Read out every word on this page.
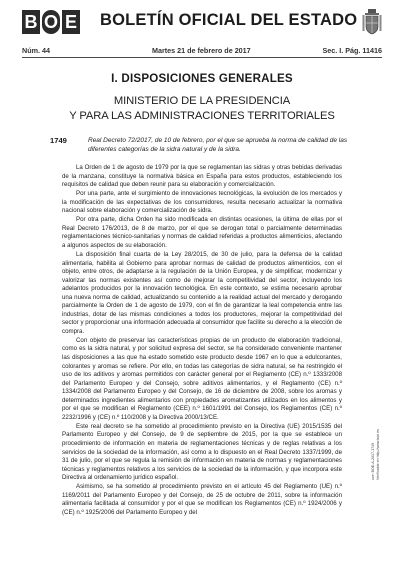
B O E BOLETÍN OFICIAL DEL ESTADO
Núm. 44	Martes 21 de febrero de 2017	Sec. I. Pág. 11416
I. DISPOSICIONES GENERALES
MINISTERIO DE LA PRESIDENCIA
Y PARA LAS ADMINISTRACIONES TERRITORIALES
1749	Real Decreto 72/2017, de 10 de febrero, por el que se aprueba la norma de calidad de las diferentes categorías de la sidra natural y de la sidra.

La Orden de 1 de agosto de 1979 por la que se reglamentan las sidras y otras bebidas derivadas de la manzana, constituye la normativa básica en España para estos productos, estableciendo los requisitos de calidad que deben reunir para su elaboración y comercialización.

Por una parte, ante el surgimiento de innovaciones tecnológicas, la evolución de los mercados y la modificación de las expectativas de los consumidores, resulta necesario actualizar la normativa nacional sobre elaboración y comercialización de sidra.

Por otra parte, dicha Orden ha sido modificada en distintas ocasiones, la última de ellas por el Real Decreto 176/2013, de 8 de marzo, por el que se derogan total o parcialmente determinadas reglamentaciones técnico-sanitarias y normas de calidad referidas a productos alimenticios, afectando a algunos aspectos de su elaboración.

La disposición final cuarta de la Ley 28/2015, de 30 de julio, para la defensa de la calidad alimentaria, habilita al Gobierno para aprobar normas de calidad de productos alimenticios, con el objeto, entre otros, de adaptarse a la regulación de la Unión Europea, y de simplificar, modernizar y valorizar las normas existentes así como de mejorar la competitividad del sector, incluyendo los adelantos producidos por la innovación tecnológica. En este contexto, se estima necesario aprobar una nueva norma de calidad, actualizando su contenido a la realidad actual del mercado y derogando parcialmente la Orden de 1 de agosto de 1979, con el fin de garantizar la leal competencia entre las industrias, dotar de las mismas condiciones a todos los productores, mejorar la competitividad del sector y proporcionar una información adecuada al consumidor que facilite su derecho a la elección de compra.

Con objeto de preservar las características propias de un producto de elaboración tradicional, como es la sidra natural, y por solicitud expresa del sector, se ha considerado conveniente mantener las disposiciones a las que ha estado sometido este producto desde 1967 en lo que a edulcorantes, colorantes y aromas se refiere. Por ello, en todas las categorías de sidra natural, se ha restringido el uso de los aditivos y aromas permitidos con carácter general por el Reglamento (CE) n.º 1333/2008 del Parlamento Europeo y del Consejo, sobre aditivos alimentarios, y el Reglamento (CE) n.º 1334/2008 del Parlamento Europeo y del Consejo, de 16 de diciembre de 2008, sobre los aromas y determinados ingredientes alimentarios con propiedades aromatizantes utilizados en los alimentos y por el que se modifican el Reglamento (CEE) n.º 1601/1991 del Consejo, los Reglamentos (CE) n.º 2232/1996 y (CE) n.º 110/2008 y la Directiva 2000/13/CE.

Este real decreto se ha sometido al procedimiento previsto en la Directiva (UE) 2015/1535 del Parlamento Europeo y del Consejo, de 9 de septiembre de 2015, por la que se establece un procedimiento de información en materia de reglamentaciones técnicas y de reglas relativas a los servicios de la sociedad de la información, así como a lo dispuesto en el Real Decreto 1337/1999, de 31 de julio, por el que se regula la remisión de información en materia de normas y reglamentaciones técnicas y reglamentos relativos a los servicios de la sociedad de la información, y que incorpora este Directiva al ordenamiento jurídico español.

Asimismo, se ha sometido al procedimiento previsto en el artículo 45 del Reglamento (UE) n.º 1169/2011 del Parlamento Europeo y del Consejo, de 25 de octubre de 2011, sobre la información alimentaria facilitada al consumidor y por el que se modifican los Reglamentos (CE) n.º 1924/2006 y (CE) n.º 1925/2006 del Parlamento Europeo y del

cve: BOE-A-2017-1749 Verificable en http://www.boe.es
